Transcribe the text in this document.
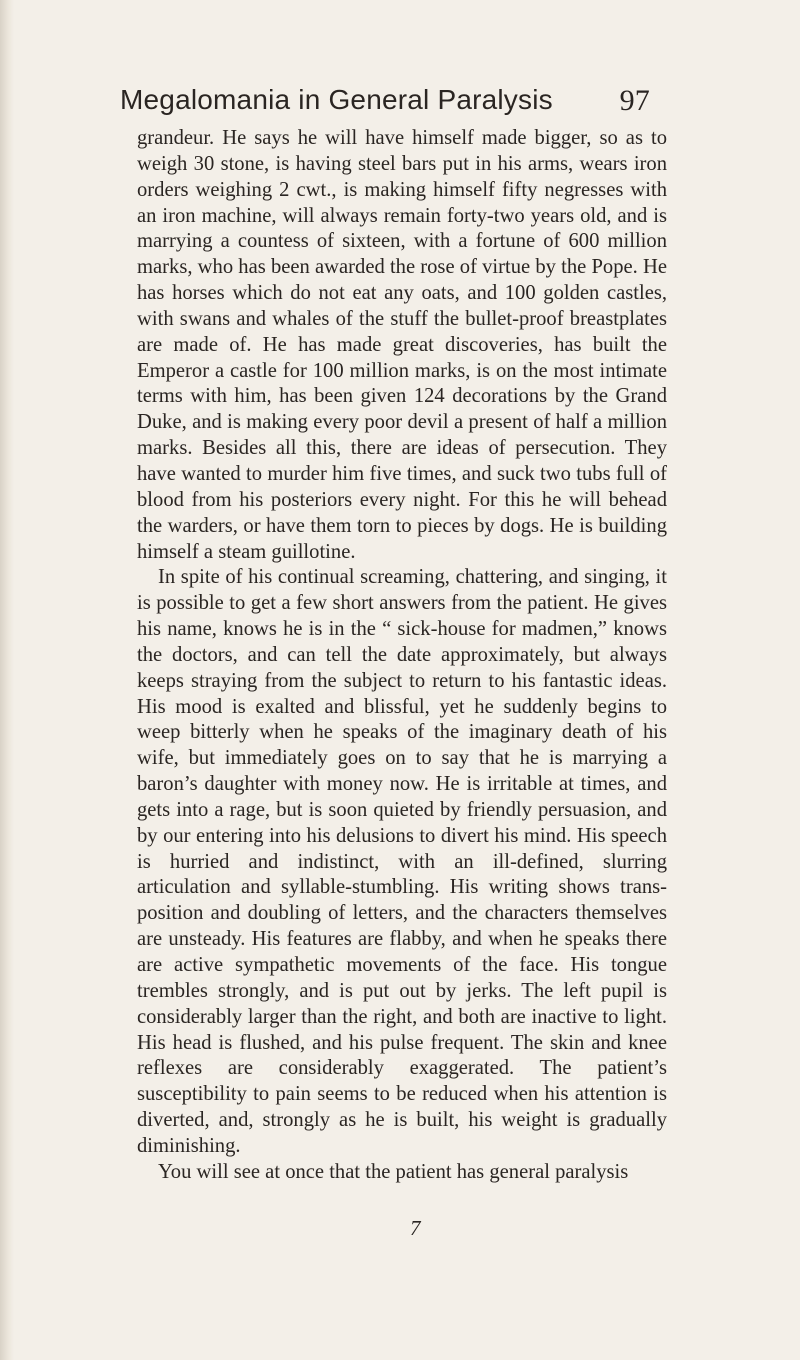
Megalomania in General Paralysis 97

grandeur. He says he will have himself made bigger, so as to weigh 30 stone, is having steel bars put in his arms, wears iron orders weighing 2 cwt., is making himself fifty negresses with an iron machine, will always remain forty-two years old, and is marrying a countess of sixteen, with a fortune of 600 million marks, who has been awarded the rose of virtue by the Pope. He has horses which do not eat any oats, and 100 golden castles, with swans and whales of the stuff the bullet-proof breastplates are made of. He has made great discoveries, has built the Emperor a castle for 100 million marks, is on the most intimate terms with him, has been given 124 decorations by the Grand Duke, and is making every poor devil a present of half a million marks. Besides all this, there are ideas of persecution. They have wanted to murder him five times, and suck two tubs full of blood from his posteriors every night. For this he will behead the warders, or have them torn to pieces by dogs. He is building himself a steam guillotine.

In spite of his continual screaming, chattering, and singing, it is possible to get a few short answers from the patient. He gives his name, knows he is in the “ sick-house for madmen,” knows the doctors, and can tell the date approximately, but always keeps straying from the subject to return to his fantastic ideas. His mood is exalted and blissful, yet he suddenly begins to weep bitterly when he speaks of the imaginary death of his wife, but immediately goes on to say that he is marrying a baron’s daughter with money now. He is irritable at times, and gets into a rage, but is soon quieted by friendly persuasion, and by our entering into his delusions to divert his mind. His speech is hurried and indistinct, with an ill-defined, slurring articulation and syllable-stumbling. His writing shows trans- position and doubling of letters, and the characters themselves are unsteady. His features are flabby, and when he speaks there are active sympathetic movements of the face. His tongue trembles strongly, and is put out by jerks. The left pupil is considerably larger than the right, and both are inactive to light. His head is flushed, and his pulse frequent. The skin and knee reflexes are considerably exaggerated. The patient’s susceptibility to pain seems to be reduced when his attention is diverted, and, strongly as he is built, his weight is gradually diminishing.

You will see at once that the patient has general paralysis

7
